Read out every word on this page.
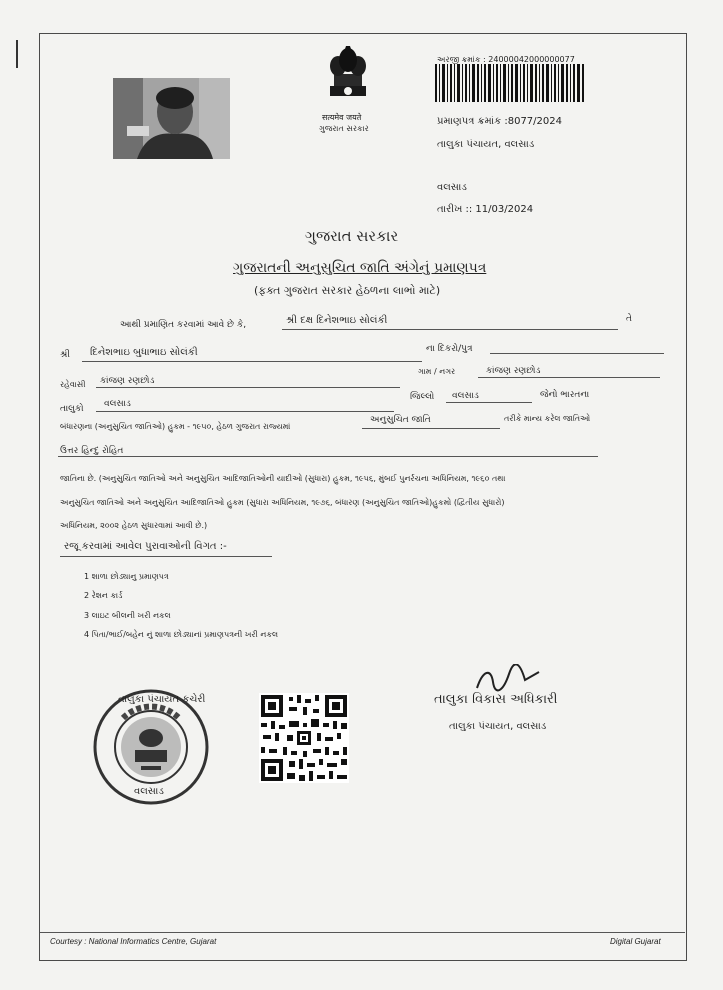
सत्यमेव जयते
ગુજરાત સરકાર
અરજી ક્રમાંક : 24000042000000077
પ્રમાણપત્ર ક્રમાંક :8077/2024
તાલુકા પંચાયત, વલસાડ
વલસાડ
તારીખ :: 11/03/2024
ગુજરાત સરકાર
ગુજરાતની અનુસુચિત જાતિ અંગેનું પ્રમાણપત્ર
(ફક્ત ગુજરાત સરકાર હેઠળના લાભો માટે)
આથી પ્રમાણિત કરવામાં આવે છે કે,	શ્રી દક્ષ દિનેશભાઇ સોલંકી	તે
શ્રી દિનેશભાઇ બુધાભાઇ સોલંકી	ના દિકરો/પુત્ર
રહેવાસી કાંજણ રણછોડ
ગામ / નગર	કાંજણ રણછોડ
તાલુકો વલસાડ
જિલ્લો વલસાડ	જેનો ભારતના
બંધારણના (અનુસુચિત જાતિઓ) હુકમ - ૧૯૫૦, હેઠળ ગુજરાત રાજ્યમાં
અનુસુચિત જાતિ	તરીકે માન્ય કરેલ જાતિઓ
ઉત્તર હિન્દુ રોહિત
જાતિના છે. (અનુસુચિત જાતિઓ અને અનુસુચિત આદિજાતિઓની યાદીઓ (સુધારા) હુકમ, ૧૯૫૬, મુંબઈ પુનર્રચના અધિનિયમ, ૧૯૬૦ તથા
અનુસુચિત જાતિઓ અને અનુસુચિત આદિજાતિઓ હુકમ (સુધારા અધિનિયમ, ૧૯૭૬, બંધારણ (અનુસુચિત જાતિઓ)હુકમો (દ્વિતીય સુધારો)
અધિનિયમ, ૨૦૦૨ હેઠળ સુધારવામાં આવી છે.)
રજૂ કરવામાં આવેલ પુરાવાઓની વિગત :-
1 શાળા છોડ્યાનુ પ્રમાણપત્ર
2 રેશન કાર્ડ
3 લાઇટ બીલની ખરી નકલ
4 પિતા/ભાઈ/બહેન નું શાળા છોડ્યાનાં પ્રમાણપત્રની ખરી નકલ
તાલુકા પંચાયત કચેરી
વલસાડ
તાલુકા વિકાસ અધિકારી
તાલુકા પંચાયત, વલસાડ
Courtesy : National Informatics Centre, Gujarat	Digital Gujarat
